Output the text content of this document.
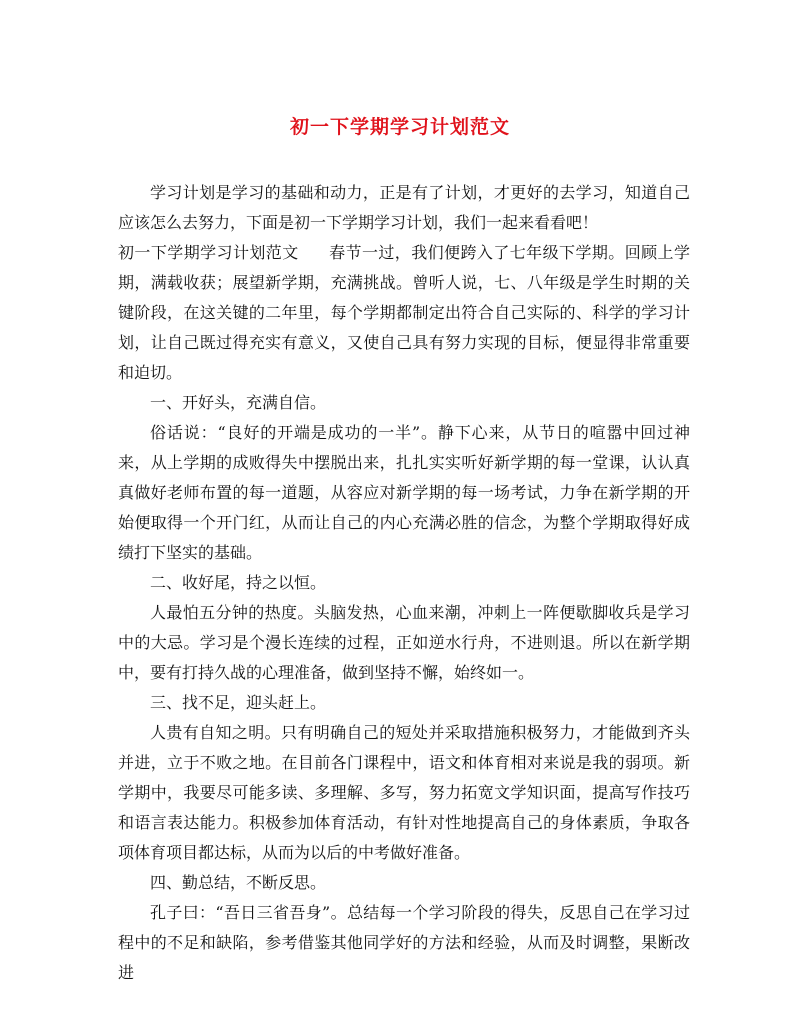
初一下学期学习计划范文

学习计划是学习的基础和动力，正是有了计划，才更好的去学习，知道自己应该怎么去努力，下面是初一下学期学习计划，我们一起来看看吧！

初一下学期学习计划范文 春节一过，我们便跨入了七年级下学期。回顾上学期，满载收获；展望新学期，充满挑战。曾听人说，七、八年级是学生时期的关键阶段，在这关键的二年里，每个学期都制定出符合自己实际的、科学的学习计划，让自己既过得充实有意义，又使自己具有努力实现的目标，便显得非常重要和迫切。

一、开好头，充满自信。

俗话说：“良好的开端是成功的一半”。静下心来，从节日的喧嚣中回过神来，从上学期的成败得失中摆脱出来，扎扎实实听好新学期的每一堂课，认认真真做好老师布置的每一道题，从容应对新学期的每一场考试，力争在新学期的开始便取得一个开门红，从而让自己的内心充满必胜的信念，为整个学期取得好成绩打下坚实的基础。

二、收好尾，持之以恒。

人最怕五分钟的热度。头脑发热，心血来潮，冲刺上一阵便歇脚收兵是学习中的大忌。学习是个漫长连续的过程，正如逆水行舟，不进则退。所以在新学期中，要有打持久战的心理准备，做到坚持不懈，始终如一。

三、找不足，迎头赶上。

人贵有自知之明。只有明确自己的短处并采取措施积极努力，才能做到齐头并进，立于不败之地。在目前各门课程中，语文和体育相对来说是我的弱项。新学期中，我要尽可能多读、多理解、多写，努力拓宽文学知识面，提高写作技巧和语言表达能力。积极参加体育活动，有针对性地提高自己的身体素质，争取各项体育项目都达标，从而为以后的中考做好准备。

四、勤总结，不断反思。

孔子曰：“吾日三省吾身”。总结每一个学习阶段的得失，反思自己在学习过程中的不足和缺陷，参考借鉴其他同学好的方法和经验，从而及时调整，果断改进
